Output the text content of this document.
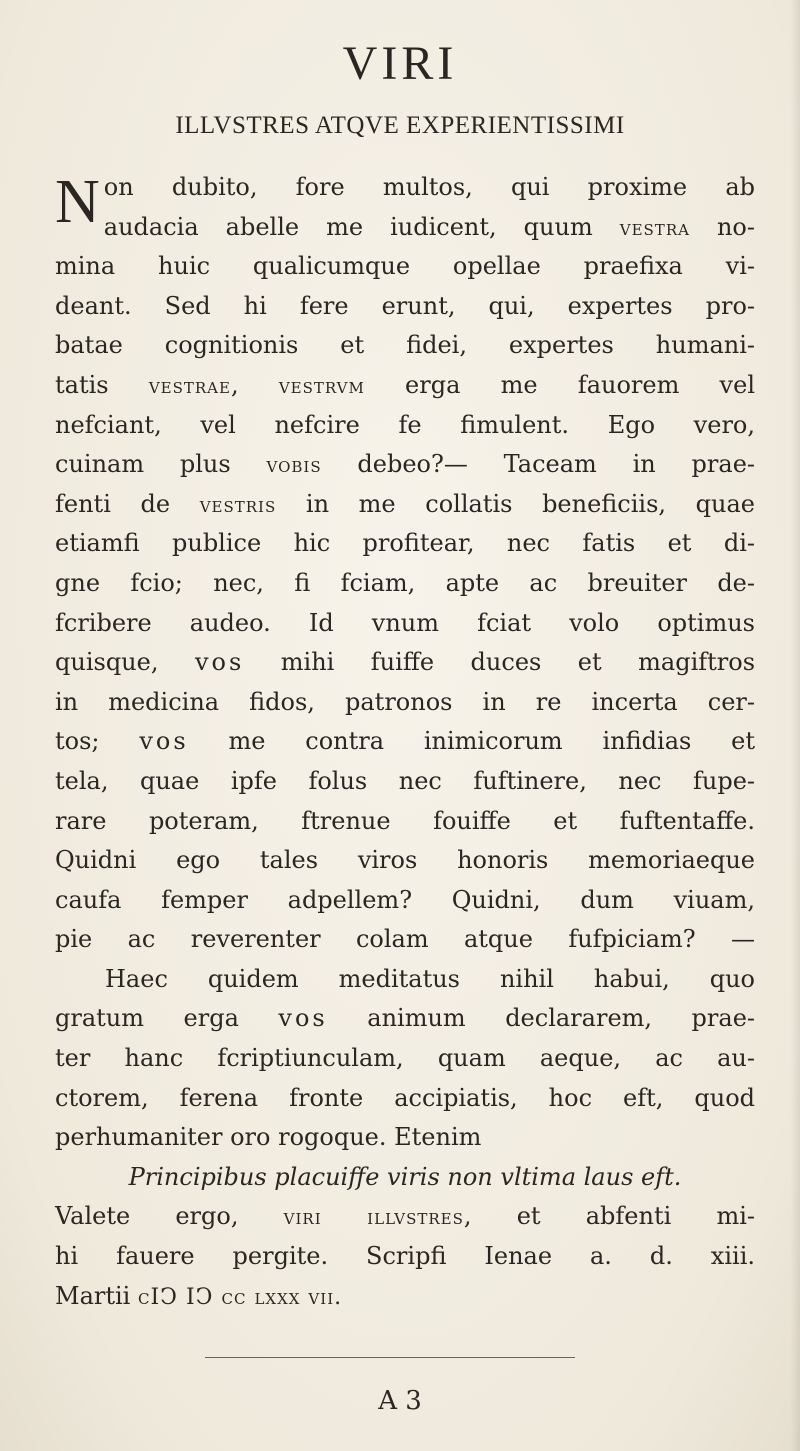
VIRI
ILLVSTRES ATQVE EXPERIENTISSIMI
Non dubito, fore multos, qui proxime ab
audacia abelle me iudicent, quum vestra no-
mina huic qualicumque opellae praefixa vi-
deant. Sed hi fere erunt, qui, expertes pro-
batae cognitionis et fidei, expertes humani-
tatis vestrae, vestrvm erga me fauorem vel
nefciant, vel nefcire fe fimulent. Ego vero,
cuinam plus vobis debeo?— Taceam in prae-
fenti de vestris in me collatis beneficiis, quae
etiamfi publice hic profitear, nec fatis et di-
gne fcio; nec, fi fciam, apte ac breuiter de-
fcribere audeo. Id vnum fciat volo optimus
quisque, vos mihi fuiffe duces et magiftros
in medicina fidos, patronos in re incerta cer-
tos; vos me contra inimicorum infidias et
tela, quae ipfe folus nec fuftinere, nec fupe-
rare poteram, ftrenue fouiffe et fuftentaffe.
Quidni ego tales viros honoris memoriaeque
caufa femper adpellem? Quidni, dum viuam,
pie ac reverenter colam atque fufpiciam? —
Haec quidem meditatus nihil habui, quo
gratum erga vos animum declararem, prae-
ter hanc fcriptiunculam, quam aeque, ac au-
ctorem, ferena fronte accipiatis, hoc eft, quod
perhumaniter oro rogoque. Etenim
Principibus placuiffe viris non vltima laus eft.
Valete ergo, viri illvstres, et abfenti mi-
hi fauere pergite. Scripfi Ienae a. d. xiii.
Martii cIↃ IↃ cc lxxx vii.
A 3
